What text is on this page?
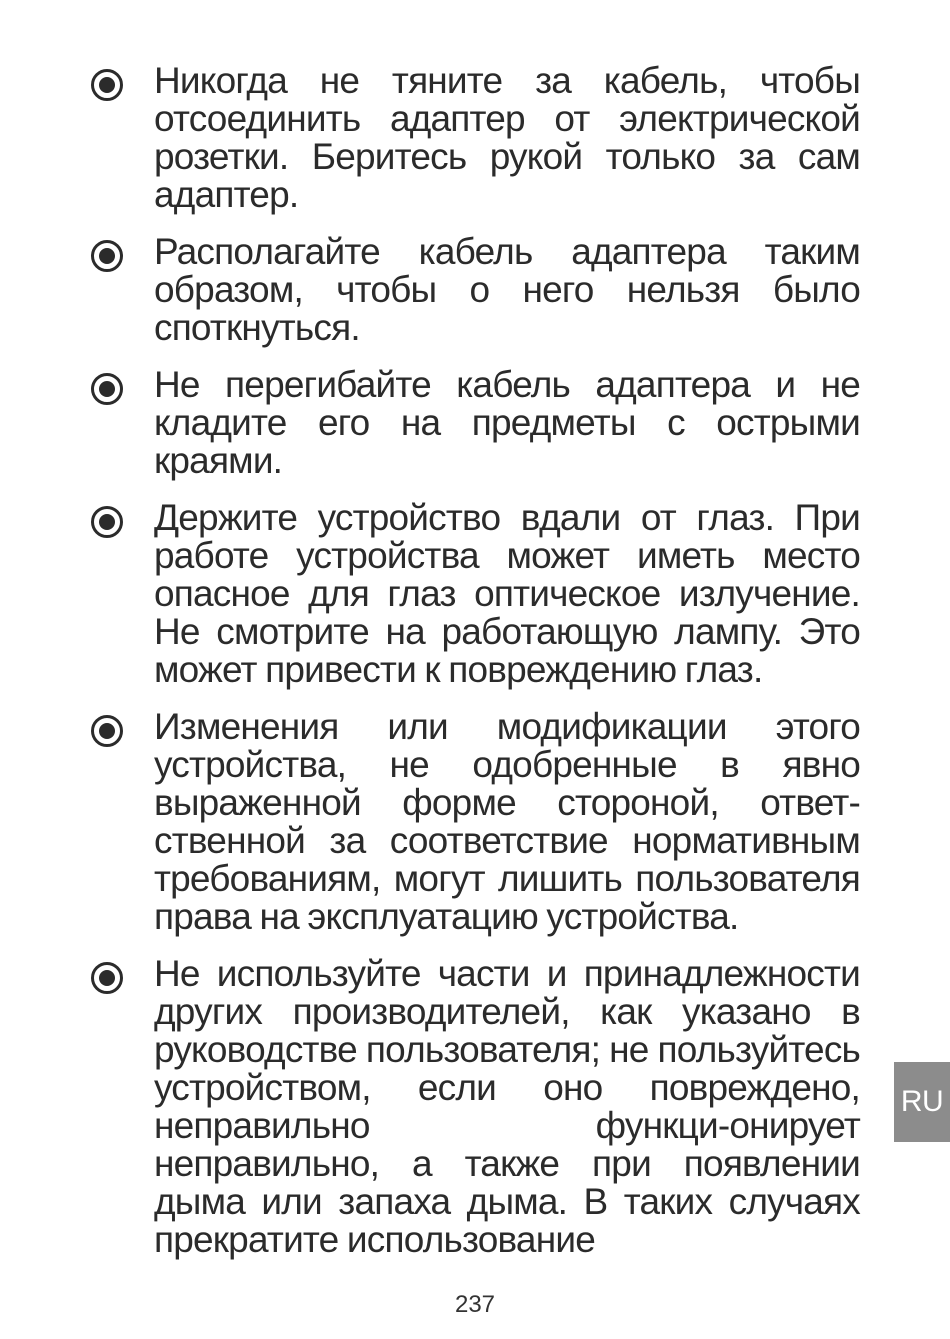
Никогда не тяните за кабель, чтобы отсоединить адаптер от электрической розетки. Беритесь рукой только за сам адаптер.
Располагайте кабель адаптера таким образом, чтобы о него нельзя было споткнуться.
Не перегибайте кабель адаптера и не кладите его на предметы с острыми краями.
Держите устройство вдали от глаз. При работе устройства может иметь место опасное для глаз оптическое излучение. Не смотрите на работающую лампу. Это может привести к повреждению глаз.
Изменения или модификации этого устройства, не одобренные в явно выраженной форме стороной, ответ-ственной за соответствие нормативным требованиям, могут лишить пользователя права на эксплуатацию устройства.
Не используйте части и принадлежности других производителей, как указано в руководстве пользователя; не пользуйтесь устройством, если оно повреждено, неправильно функци-онирует неправильно, а также при появлении дыма или запаха дыма. В таких случаях прекратите использование
RU
237
